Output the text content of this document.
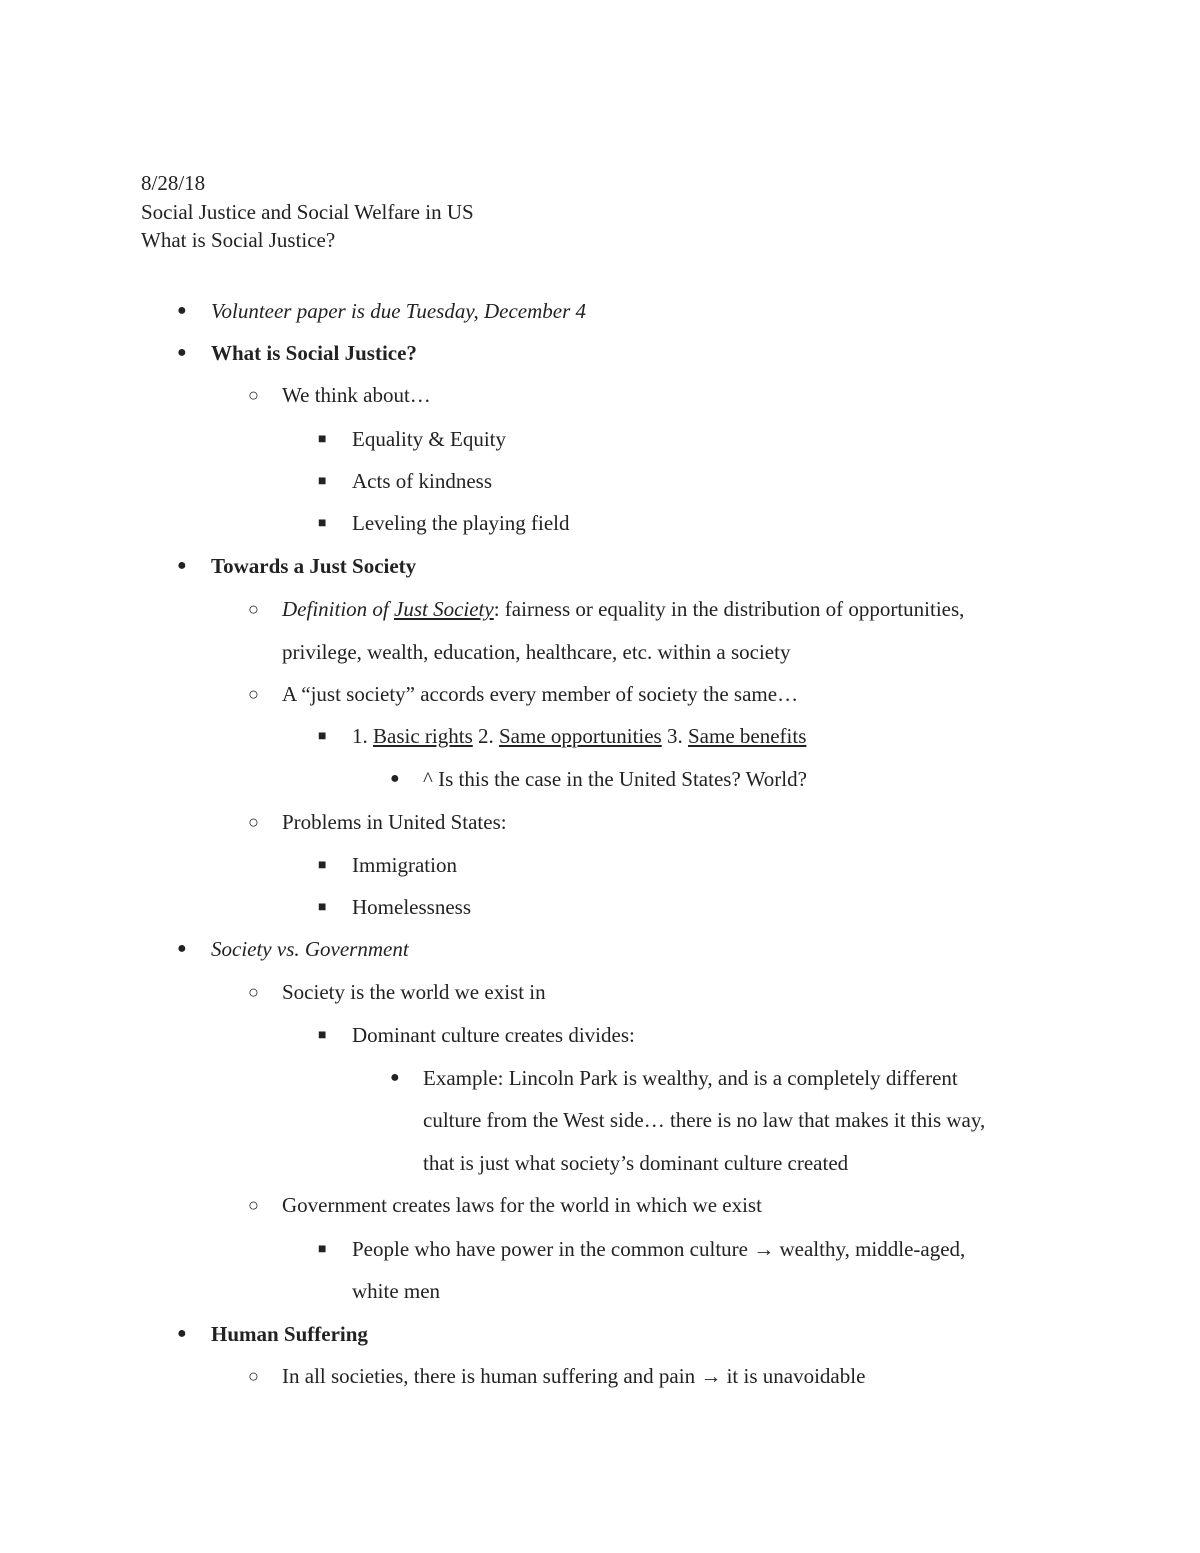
8/28/18
Social Justice and Social Welfare in US
What is Social Justice?
●
Volunteer paper is due Tuesday, December 4
●
What is Social Justice?
○
We think about…
■
Equality & Equity
■
Acts of kindness
■
Leveling the playing field
●
Towards a Just Society
○
Definition of Just Society: fairness or equality in the distribution of opportunities,
privilege, wealth, education, healthcare, etc. within a society
○
A “just society” accords every member of society the same…
■
1. Basic rights 2. Same opportunities 3. Same benefits
●
^ Is this the case in the United States? World?
○
Problems in United States:
■
Immigration
■
Homelessness
●
Society vs. Government
○
Society is the world we exist in
■
Dominant culture creates divides:
●
Example: Lincoln Park is wealthy, and is a completely different
culture from the West side… there is no law that makes it this way,
that is just what society’s dominant culture created
○
Government creates laws for the world in which we exist
■
People who have power in the common culture → wealthy, middle-aged,
white men
●
Human Suffering
○
In all societies, there is human suffering and pain → it is unavoidable
